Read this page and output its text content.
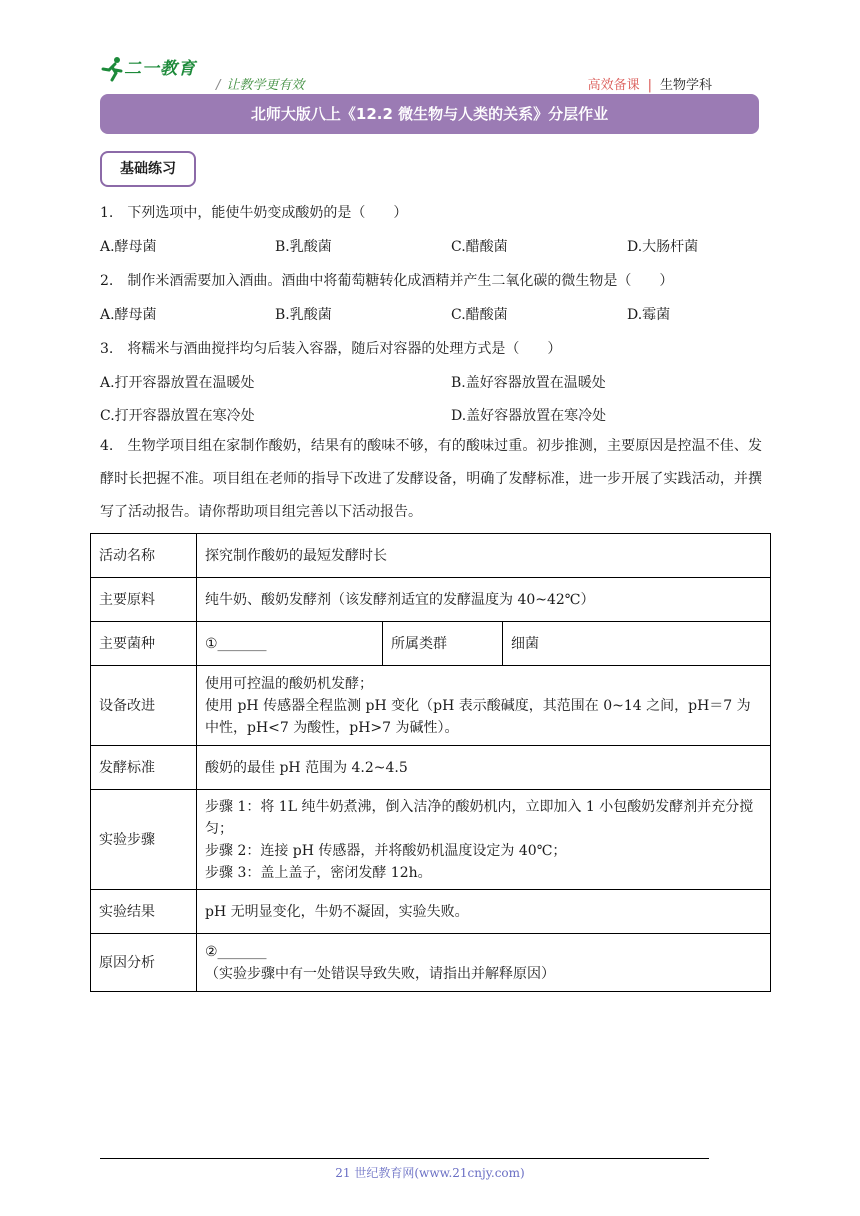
二一教育
/ 让教学更有效	高效备课 | 生物学科
北师大版八上《12.2 微生物与人类的关系》分层作业
基础练习
1.　下列选项中，能使牛奶变成酸奶的是（　　）
A.酵母菌	B.乳酸菌	C.醋酸菌	D.大肠杆菌
2.　制作米酒需要加入酒曲。酒曲中将葡萄糖转化成酒精并产生二氧化碳的微生物是（　　）
A.酵母菌	B.乳酸菌	C.醋酸菌	D.霉菌
3.　将糯米与酒曲搅拌均匀后装入容器，随后对容器的处理方式是（　　）
A.打开容器放置在温暖处	B.盖好容器放置在温暖处
C.打开容器放置在寒冷处	D.盖好容器放置在寒冷处
4.　生物学项目组在家制作酸奶，结果有的酸味不够，有的酸味过重。初步推测，主要原因是控温不佳、发酵时长把握不准。项目组在老师的指导下改进了发酵设备，明确了发酵标准，进一步开展了实践活动，并撰写了活动报告。请你帮助项目组完善以下活动报告。
活动名称	探究制作酸奶的最短发酵时长		
主要原料	纯牛奶、酸奶发酵剂（该发酵剂适宜的发酵温度为 40~42℃）		
主要菌种	①_______	所属类群	细菌
设备改进	使用可控温的酸奶机发酵；
使用 pH 传感器全程监测 pH 变化（pH 表示酸碱度，其范围在 0~14 之间，pH＝7 为中性，pH<7 为酸性，pH>7 为碱性）。		

发酵标准	酸奶的最佳 pH 范围为 4.2~4.5		
实验步骤	步骤 1：将 1L 纯牛奶煮沸，倒入洁净的酸奶机内，立即加入 1 小包酸奶发酵剂并充分搅匀；
步骤 2：连接 pH 传感器，并将酸奶机温度设定为 40℃；
步骤 3：盖上盖子，密闭发酵 12h。		

实验结果	pH 无明显变化，牛奶不凝固，实验失败。		
原因分析	②_______
（实验步骤中有一处错误导致失败，请指出并解释原因）		
21 世纪教育网(www.21cnjy.com)
